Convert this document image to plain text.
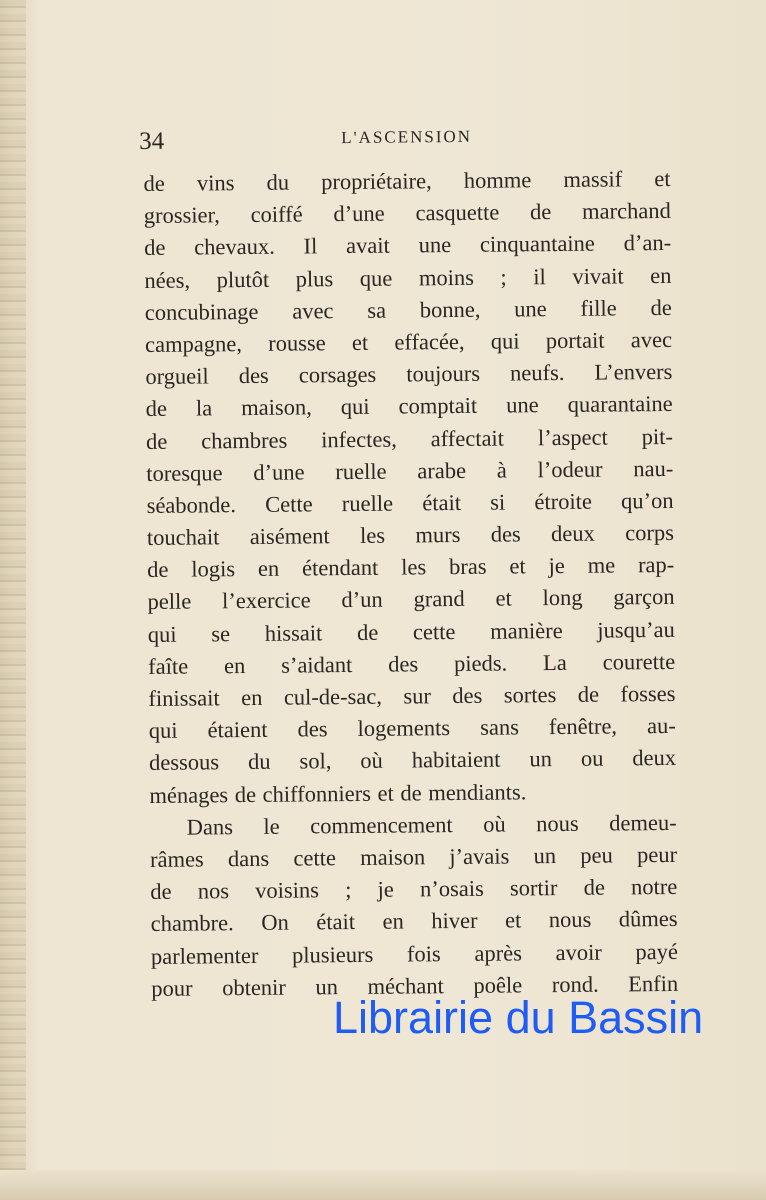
34	L'ASCENSION
de vins du propriétaire, homme massif et
grossier, coiffé d’une casquette de marchand
de chevaux. Il avait une cinquantaine d’an-
nées, plutôt plus que moins ; il vivait en
concubinage avec sa bonne, une fille de
campagne, rousse et effacée, qui portait avec
orgueil des corsages toujours neufs. L’envers
de la maison, qui comptait une quarantaine
de chambres infectes, affectait l’aspect pit-
toresque d’une ruelle arabe à l’odeur nau-
séabonde. Cette ruelle était si étroite qu’on
touchait aisément les murs des deux corps
de logis en étendant les bras et je me rap-
pelle l’exercice d’un grand et long garçon
qui se hissait de cette manière jusqu’au
faîte en s’aidant des pieds. La courette
finissait en cul-de-sac, sur des sortes de fosses
qui étaient des logements sans fenêtre, au-
dessous du sol, où habitaient un ou deux
ménages de chiffonniers et de mendiants.
Dans le commencement où nous demeu-
râmes dans cette maison j’avais un peu peur
de nos voisins ; je n’osais sortir de notre
chambre. On était en hiver et nous dûmes
parlementer plusieurs fois après avoir payé
pour obtenir un méchant poêle rond. Enfin
Librairie du Bassin
